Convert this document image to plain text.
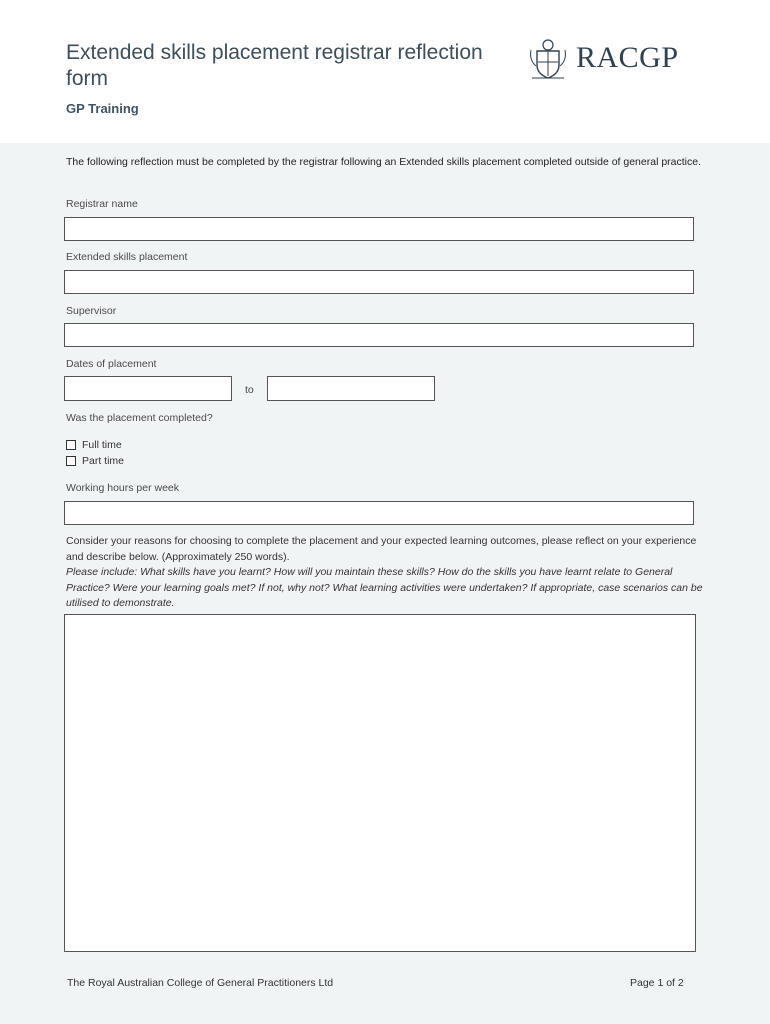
Extended skills placement registrar reflection form
GP Training
RACGP
The following reflection must be completed by the registrar following an Extended skills placement completed outside of general practice.
Registrar name
Extended skills placement
Supervisor
Dates of placement
to
Was the placement completed?
Full time
Part time
Working hours per week
Consider your reasons for choosing to complete the placement and your expected learning outcomes, please reflect on your experience and describe below. (Approximately 250 words).
Please include: What skills have you learnt? How will you maintain these skills? How do the skills you have learnt relate to General Practice? Were your learning goals met? If not, why not? What learning activities were undertaken? If appropriate, case scenarios can be utilised to demonstrate.
The Royal Australian College of General Practitioners Ltd	Page 1 of 2
